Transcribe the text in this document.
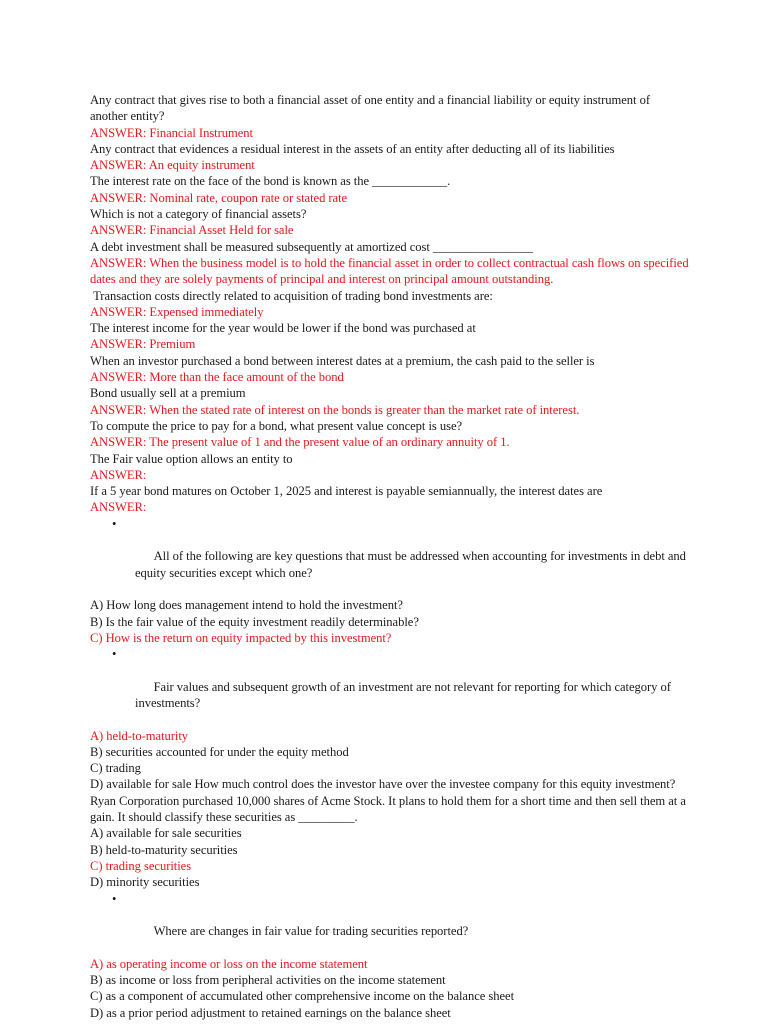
Any contract that gives rise to both a financial asset of one entity and a financial liability or equity instrument of another entity?
ANSWER: Financial Instrument
Any contract that evidences a residual interest in the assets of an entity after deducting all of its liabilities
ANSWER: An equity instrument
The interest rate on the face of the bond is known as the ____________.
ANSWER: Nominal rate, coupon rate or stated rate
Which is not a category of financial assets?
ANSWER: Financial Asset Held for sale
A debt investment shall be measured subsequently at amortized cost ________________
ANSWER: When the business model is to hold the financial asset in order to collect contractual cash flows on specified dates and they are solely payments of principal and interest on principal amount outstanding.
Transaction costs directly related to acquisition of trading bond investments are:
ANSWER: Expensed immediately
The interest income for the year would be lower if the bond was purchased at
ANSWER: Premium
When an investor purchased a bond between interest dates at a premium, the cash paid to the seller is
ANSWER: More than the face amount of the bond
Bond usually sell at a premium
ANSWER: When the stated rate of interest on the bonds is greater than the market rate of interest.
To compute the price to pay for a bond, what present value concept is use?
ANSWER: The present value of 1 and the present value of an ordinary annuity of 1.
The Fair value option allows an entity to
ANSWER:
If a 5 year bond matures on October 1, 2025 and interest is payable semiannually, the interest dates are
ANSWER:

•

All of the following are key questions that must be addressed when accounting for investments in debt and equity securities except which one?

A) How long does management intend to hold the investment?
B) Is the fair value of the equity investment readily determinable?
C) How is the return on equity impacted by this investment?

•

Fair values and subsequent growth of an investment are not relevant for reporting for which category of investments?

A) held-to-maturity
B) securities accounted for under the equity method
C) trading
D) available for sale How much control does the investor have over the investee company for this equity investment?
Ryan Corporation purchased 10,000 shares of Acme Stock. It plans to hold them for a short time and then sell them at a gain. It should classify these securities as _________.
A) available for sale securities
B) held-to-maturity securities
C) trading securities
D) minority securities

•

Where are changes in fair value for trading securities reported?

A) as operating income or loss on the income statement
B) as income or loss from peripheral activities on the income statement
C) as a component of accumulated other comprehensive income on the balance sheet
D) as a prior period adjustment to retained earnings on the balance sheet
